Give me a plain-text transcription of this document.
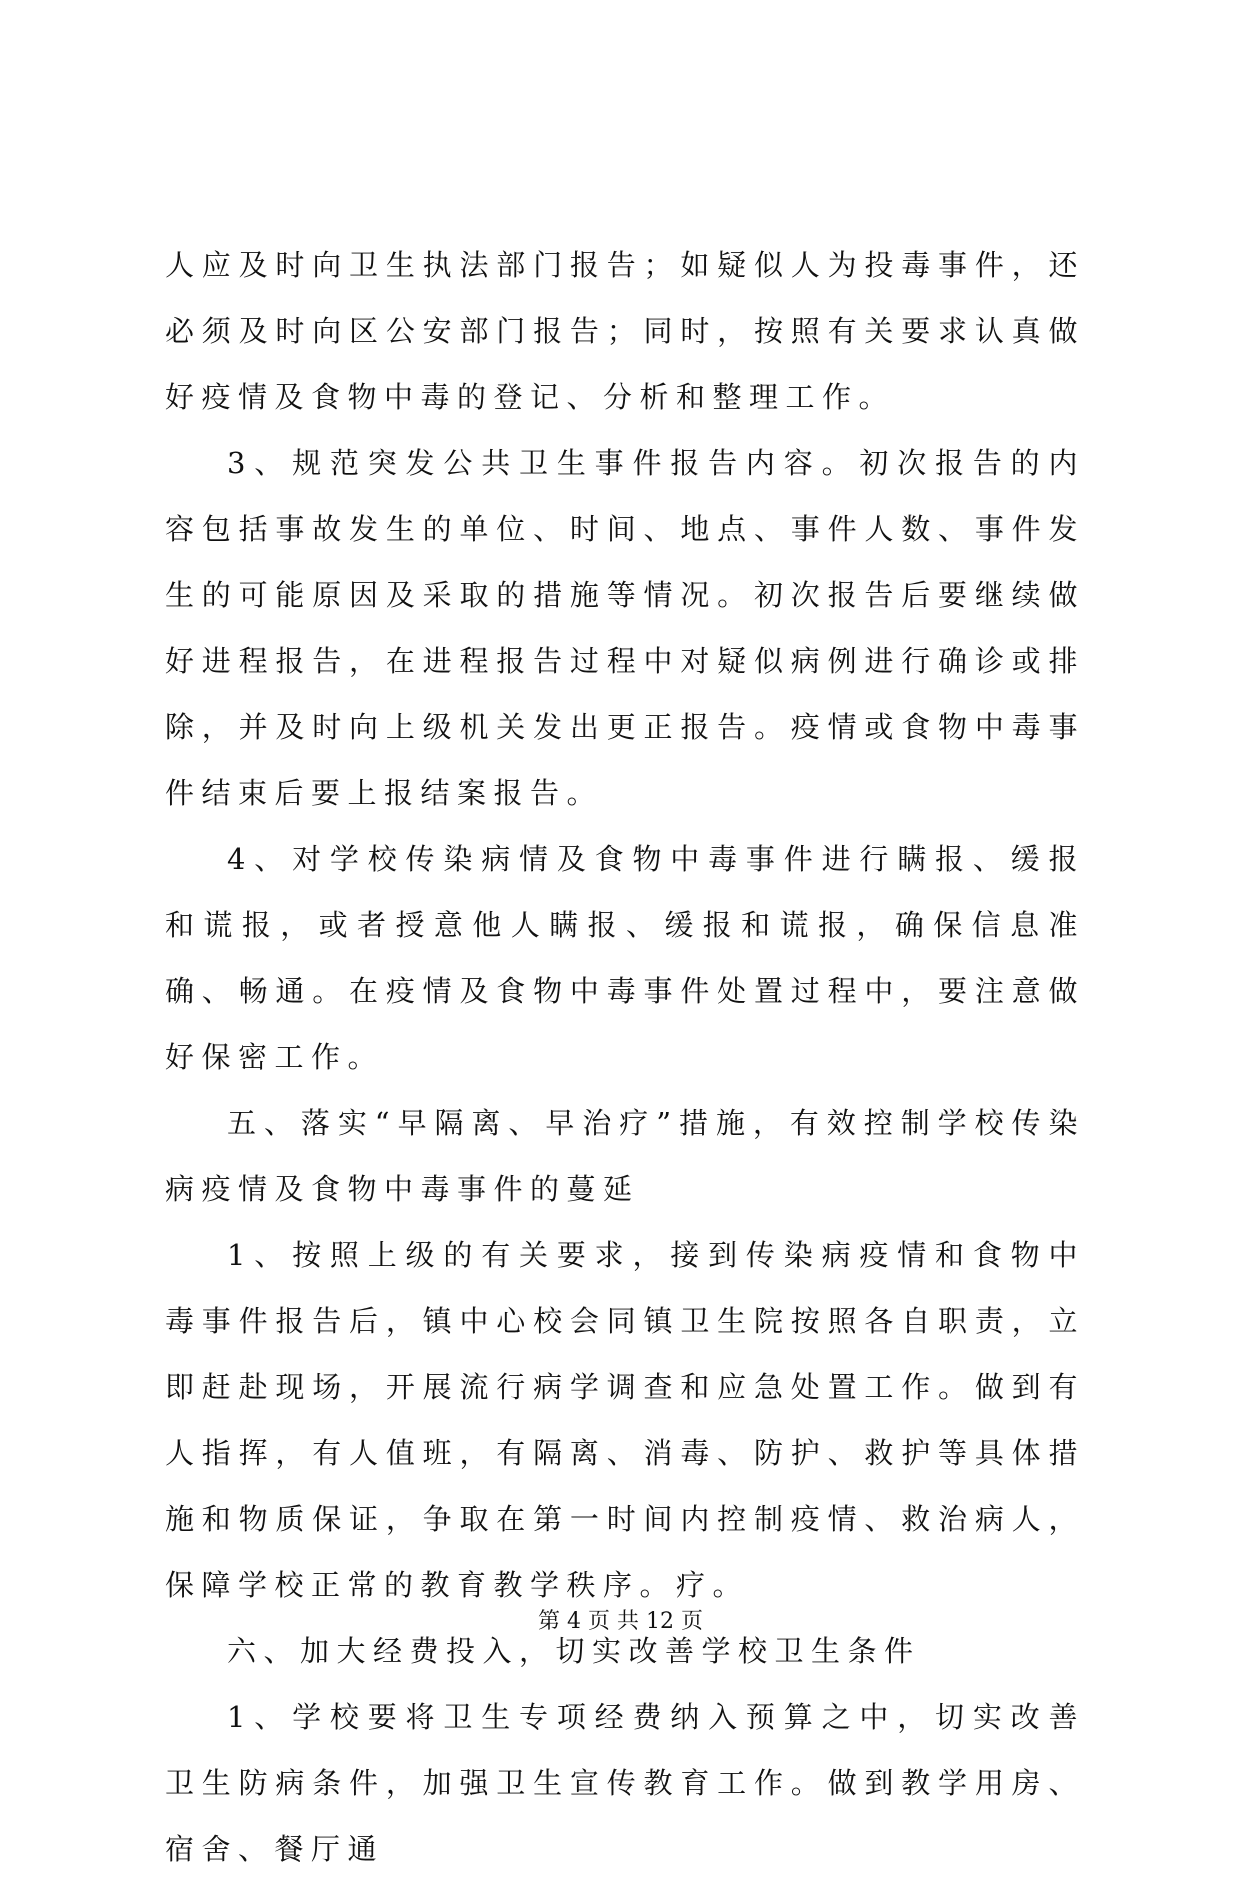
人应及时向卫生执法部门报告；如疑似人为投毒事件，还必须及时向区公安部门报告；同时，按照有关要求认真做好疫情及食物中毒的登记、分析和整理工作。

3、规范突发公共卫生事件报告内容。初次报告的内容包括事故发生的单位、时间、地点、事件人数、事件发生的可能原因及采取的措施等情况。初次报告后要继续做好进程报告，在进程报告过程中对疑似病例进行确诊或排除，并及时向上级机关发出更正报告。疫情或食物中毒事件结束后要上报结案报告。

4、对学校传染病情及食物中毒事件进行瞒报、缓报和谎报，或者授意他人瞒报、缓报和谎报，确保信息准确、畅通。在疫情及食物中毒事件处置过程中，要注意做好保密工作。

五、落实“早隔离、早治疗”措施，有效控制学校传染病疫情及食物中毒事件的蔓延

1、按照上级的有关要求，接到传染病疫情和食物中毒事件报告后，镇中心校会同镇卫生院按照各自职责，立即赶赴现场，开展流行病学调查和应急处置工作。做到有人指挥，有人值班，有隔离、消毒、防护、救护等具体措施和物质保证，争取在第一时间内控制疫情、救治病人，保障学校正常的教育教学秩序。疗。

六、加大经费投入，切实改善学校卫生条件

1、学校要将卫生专项经费纳入预算之中，切实改善卫生防病条件，加强卫生宣传教育工作。做到教学用房、宿舍、餐厅通

第 4 页 共 12 页
